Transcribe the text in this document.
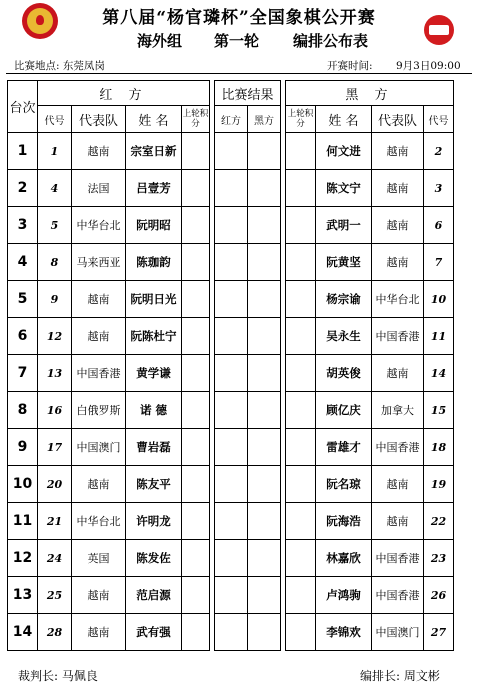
第八届“杨官璘杯”全国象棋公开赛
海外组 第一轮 编排公布表
比赛地点: 东莞凤岗	开赛时间: 9月3日09:00
台次	红 方					比赛结果			黑 方			
	代号	代表队	姓 名	上轮积分		红方	黑方		上轮积分	姓 名	代表队	代号
1	1	越南	宗室日新							何文进	越南	2
2	4	法国	吕壹芳							陈文宁	越南	3
3	5	中华台北	阮明昭							武明一	越南	6
4	8	马来西亚	陈珈韵							阮黄坚	越南	7
5	9	越南	阮明日光							杨宗谕	中华台北	10
6	12	越南	阮陈杜宁							吴永生	中国香港	11
7	13	中国香港	黄学谦							胡英俊	越南	14
8	16	白俄罗斯	诺 德							顾亿庆	加拿大	15
9	17	中国澳门	曹岩磊							雷雄才	中国香港	18
10	20	越南	陈友平							阮名琼	越南	19
11	21	中华台北	许明龙							阮海浩	越南	22
12	24	英国	陈发佐							林嘉欣	中国香港	23
13	25	越南	范启源							卢鸿驹	中国香港	26
14	28	越南	武有强							李锦欢	中国澳门	27
裁判长: 马佩良	编排长: 周文彬
